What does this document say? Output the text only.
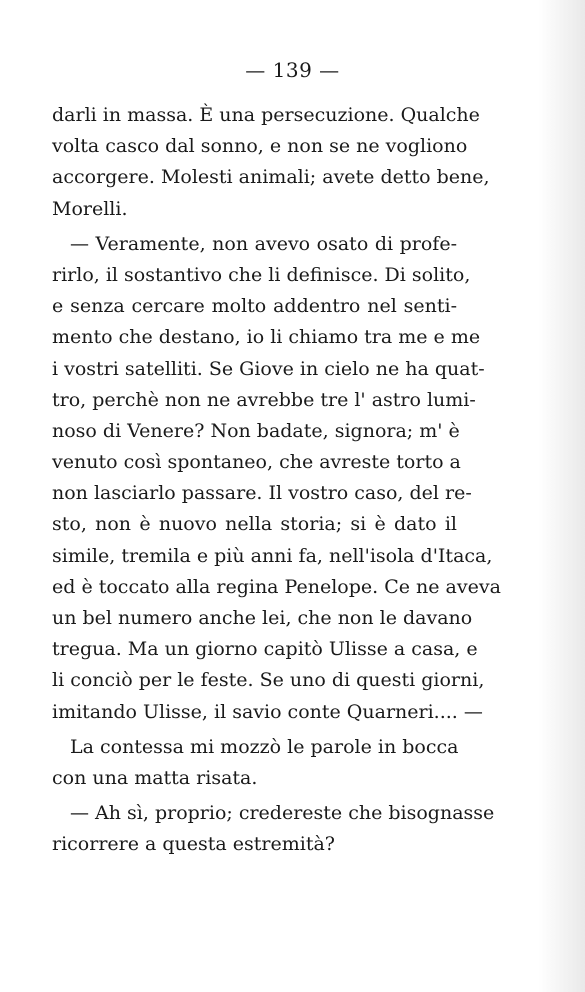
— 139 —
darli in massa. È una persecuzione. Qualche
volta casco dal sonno, e non se ne vogliono
accorgere. Molesti animali; avete detto bene,
Morelli.
— Veramente, non avevo osato di profe-
rirlo, il sostantivo che li definisce. Di solito,
e senza cercare molto addentro nel senti-
mento che destano, io li chiamo tra me e me
i vostri satelliti. Se Giove in cielo ne ha quat-
tro, perchè non ne avrebbe tre l' astro lumi-
noso di Venere? Non badate, signora; m' è
venuto così spontaneo, che avreste torto a
non lasciarlo passare. Il vostro caso, del re-
sto, non è nuovo nella storia; si è dato il
simile, tremila e più anni fa, nell'isola d'Itaca,
ed è toccato alla regina Penelope. Ce ne aveva
un bel numero anche lei, che non le davano
tregua. Ma un giorno capitò Ulisse a casa, e
li conciò per le feste. Se uno di questi giorni,
imitando Ulisse, il savio conte Quarneri.... —
La contessa mi mozzò le parole in bocca
con una matta risata.
— Ah sì, proprio; credereste che bisognasse
ricorrere a questa estremità?
